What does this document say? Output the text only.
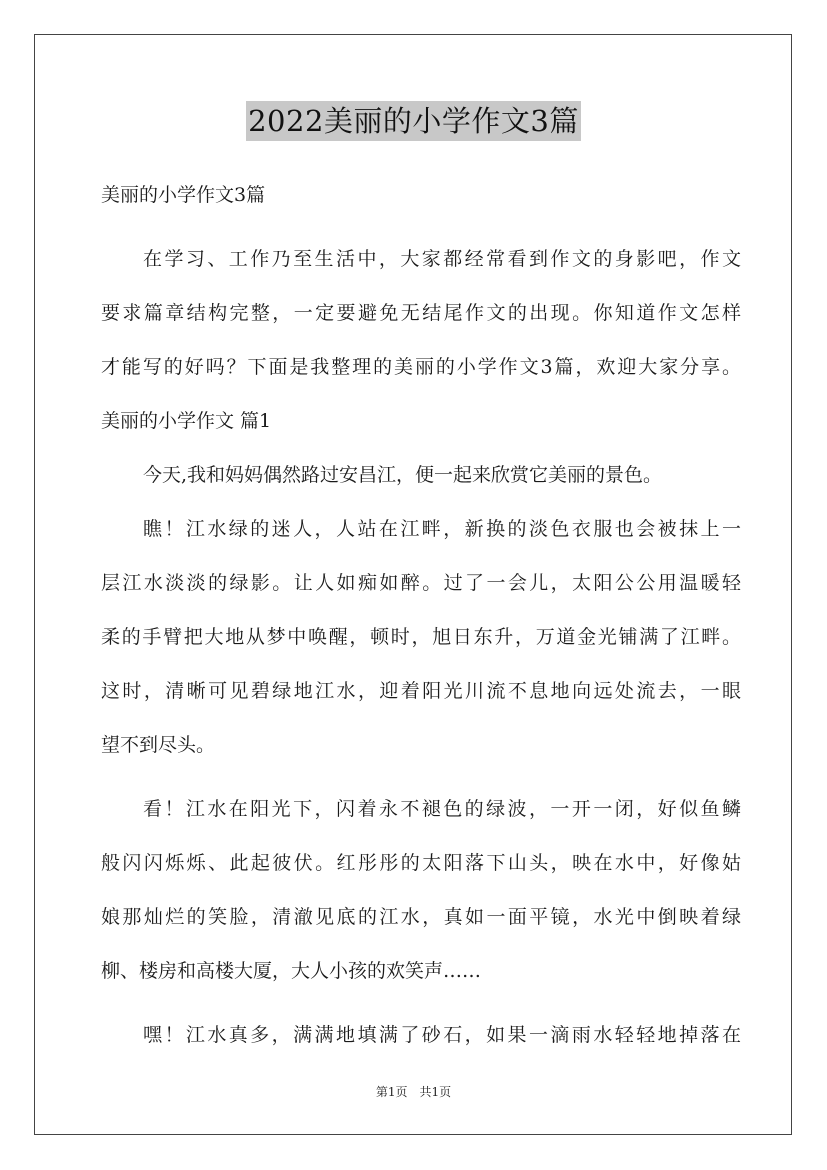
2022美丽的小学作文3篇
美丽的小学作文3篇
在学习、工作乃至生活中，大家都经常看到作文的身影吧，作文
要求篇章结构完整，一定要避免无结尾作文的出现。你知道作文怎样
才能写的好吗？下面是我整理的美丽的小学作文3篇，欢迎大家分享。
美丽的小学作文 篇1
今天,我和妈妈偶然路过安昌江，便一起来欣赏它美丽的景色。
瞧！江水绿的迷人，人站在江畔，新换的淡色衣服也会被抹上一
层江水淡淡的绿影。让人如痴如醉。过了一会儿，太阳公公用温暖轻
柔的手臂把大地从梦中唤醒，顿时，旭日东升，万道金光铺满了江畔。
这时，清晰可见碧绿地江水，迎着阳光川流不息地向远处流去，一眼
望不到尽头。
看！江水在阳光下，闪着永不褪色的绿波，一开一闭，好似鱼鳞
般闪闪烁烁、此起彼伏。红彤彤的太阳落下山头，映在水中，好像姑
娘那灿烂的笑脸，清澈见底的江水，真如一面平镜，水光中倒映着绿
柳、楼房和高楼大厦，大人小孩的欢笑声……
嘿！江水真多，满满地填满了砂石，如果一滴雨水轻轻地掉落在
第1页　共1页
